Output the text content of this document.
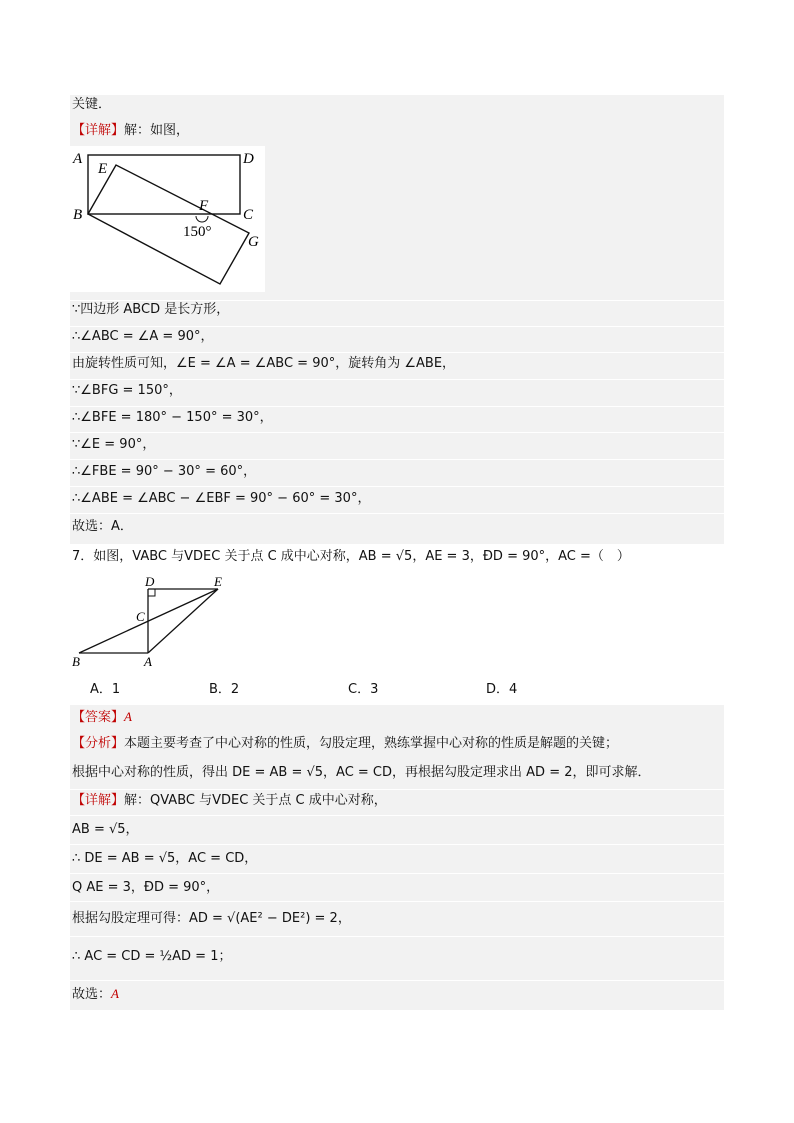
关键．
【详解】解：如图，
A	D
E
B
F
C
G
150°
∵四边形 ABCD 是长方形，
∴∠ABC = ∠A = 90°，
由旋转性质可知，∠E = ∠A = ∠ABC = 90°，旋转角为 ∠ABE，
∵∠BFG = 150°，
∴∠BFE = 180° − 150° = 30°，
∵∠E = 90°，
∴∠FBE = 90° − 30° = 60°，
∴∠ABE = ∠ABC − ∠EBF = 90° − 60° = 30°，
故选：A．
7．如图，VABC 与VDEC 关于点 C 成中心对称，AB = √5，AE = 3，ÐD = 90°，AC =（　）
D	E
C
B	A
A．1	B．2	C．3	D．4
【答案】A
【分析】本题主要考查了中心对称的性质，勾股定理，熟练掌握中心对称的性质是解题的关键；
根据中心对称的性质，得出 DE = AB = √5，AC = CD，再根据勾股定理求出 AD = 2，即可求解．
【详解】解：QVABC 与VDEC 关于点 C 成中心对称，
AB = √5，
∴ DE = AB = √5，AC = CD，
Q AE = 3，ÐD = 90°，
根据勾股定理可得：AD = √(AE² − DE²) = 2，
∴ AC = CD = ½AD = 1；
故选：A
